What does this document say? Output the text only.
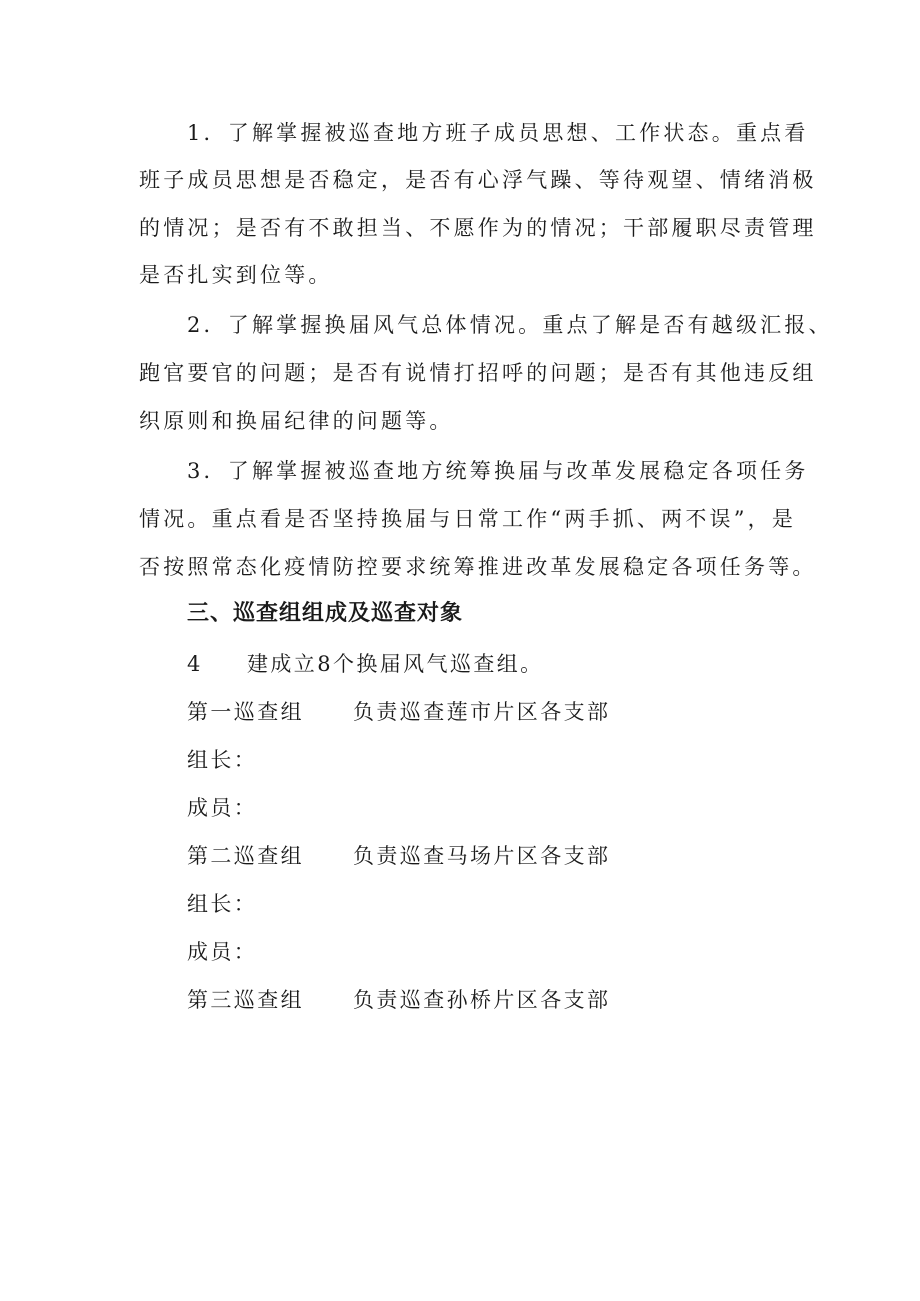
1．了解掌握被巡查地方班子成员思想、工作状态。重点看
班子成员思想是否稳定，是否有心浮气躁、等待观望、情绪消极
的情况；是否有不敢担当、不愿作为的情况；干部履职尽责管理
是否扎实到位等。
2．了解掌握换届风气总体情况。重点了解是否有越级汇报、
跑官要官的问题；是否有说情打招呼的问题；是否有其他违反组
织原则和换届纪律的问题等。
3．了解掌握被巡查地方统筹换届与改革发展稳定各项任务
情况。重点看是否坚持换届与日常工作“两手抓、两不误”，是
否按照常态化疫情防控要求统筹推进改革发展稳定各项任务等。
三、巡查组组成及巡查对象
4 建成立8个换届风气巡查组。
第一巡查组 负责巡查莲市片区各支部
组长：
成员：
第二巡查组 负责巡查马场片区各支部
组长：
成员：
第三巡查组 负责巡查孙桥片区各支部
